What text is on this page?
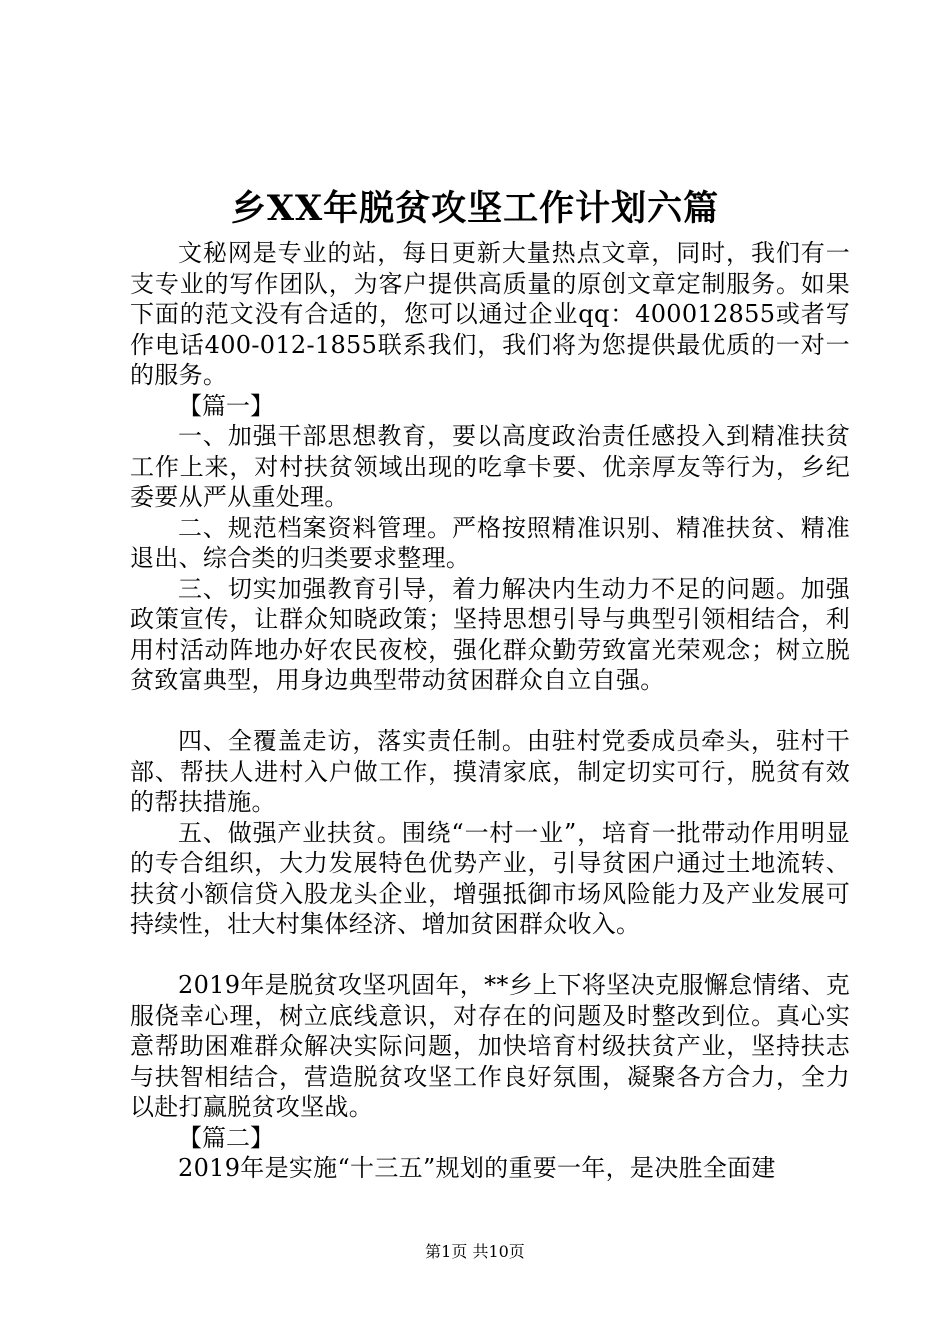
乡XX年脱贫攻坚工作计划六篇

文秘网是专业的站，每日更新大量热点文章，同时，我们有一支专业的写作团队，为客户提供高质量的原创文章定制服务。如果下面的范文没有合适的，您可以通过企业qq：400012855或者写作电话400-012-1855联系我们，我们将为您提供最优质的一对一的服务。

【篇一】

一、加强干部思想教育，要以高度政治责任感投入到精准扶贫工作上来，对村扶贫领域出现的吃拿卡要、优亲厚友等行为，乡纪委要从严从重处理。

二、规范档案资料管理。严格按照精准识别、精准扶贫、精准退出、综合类的归类要求整理。

三、切实加强教育引导，着力解决内生动力不足的问题。加强政策宣传，让群众知晓政策；坚持思想引导与典型引领相结合，利用村活动阵地办好农民夜校，强化群众勤劳致富光荣观念；树立脱贫致富典型，用身边典型带动贫困群众自立自强。

四、全覆盖走访，落实责任制。由驻村党委成员牵头，驻村干部、帮扶人进村入户做工作，摸清家底，制定切实可行，脱贫有效的帮扶措施。

五、做强产业扶贫。围绕“一村一业”，培育一批带动作用明显的专合组织，大力发展特色优势产业，引导贫困户通过土地流转、扶贫小额信贷入股龙头企业，增强抵御市场风险能力及产业发展可持续性，壮大村集体经济、增加贫困群众收入。

2019年是脱贫攻坚巩固年，**乡上下将坚决克服懈怠情绪、克服侥幸心理，树立底线意识，对存在的问题及时整改到位。真心实意帮助困难群众解决实际问题，加快培育村级扶贫产业，坚持扶志与扶智相结合，营造脱贫攻坚工作良好氛围，凝聚各方合力，全力以赴打赢脱贫攻坚战。

【篇二】

2019年是实施“十三五”规划的重要一年，是决胜全面建

第1页 共10页
